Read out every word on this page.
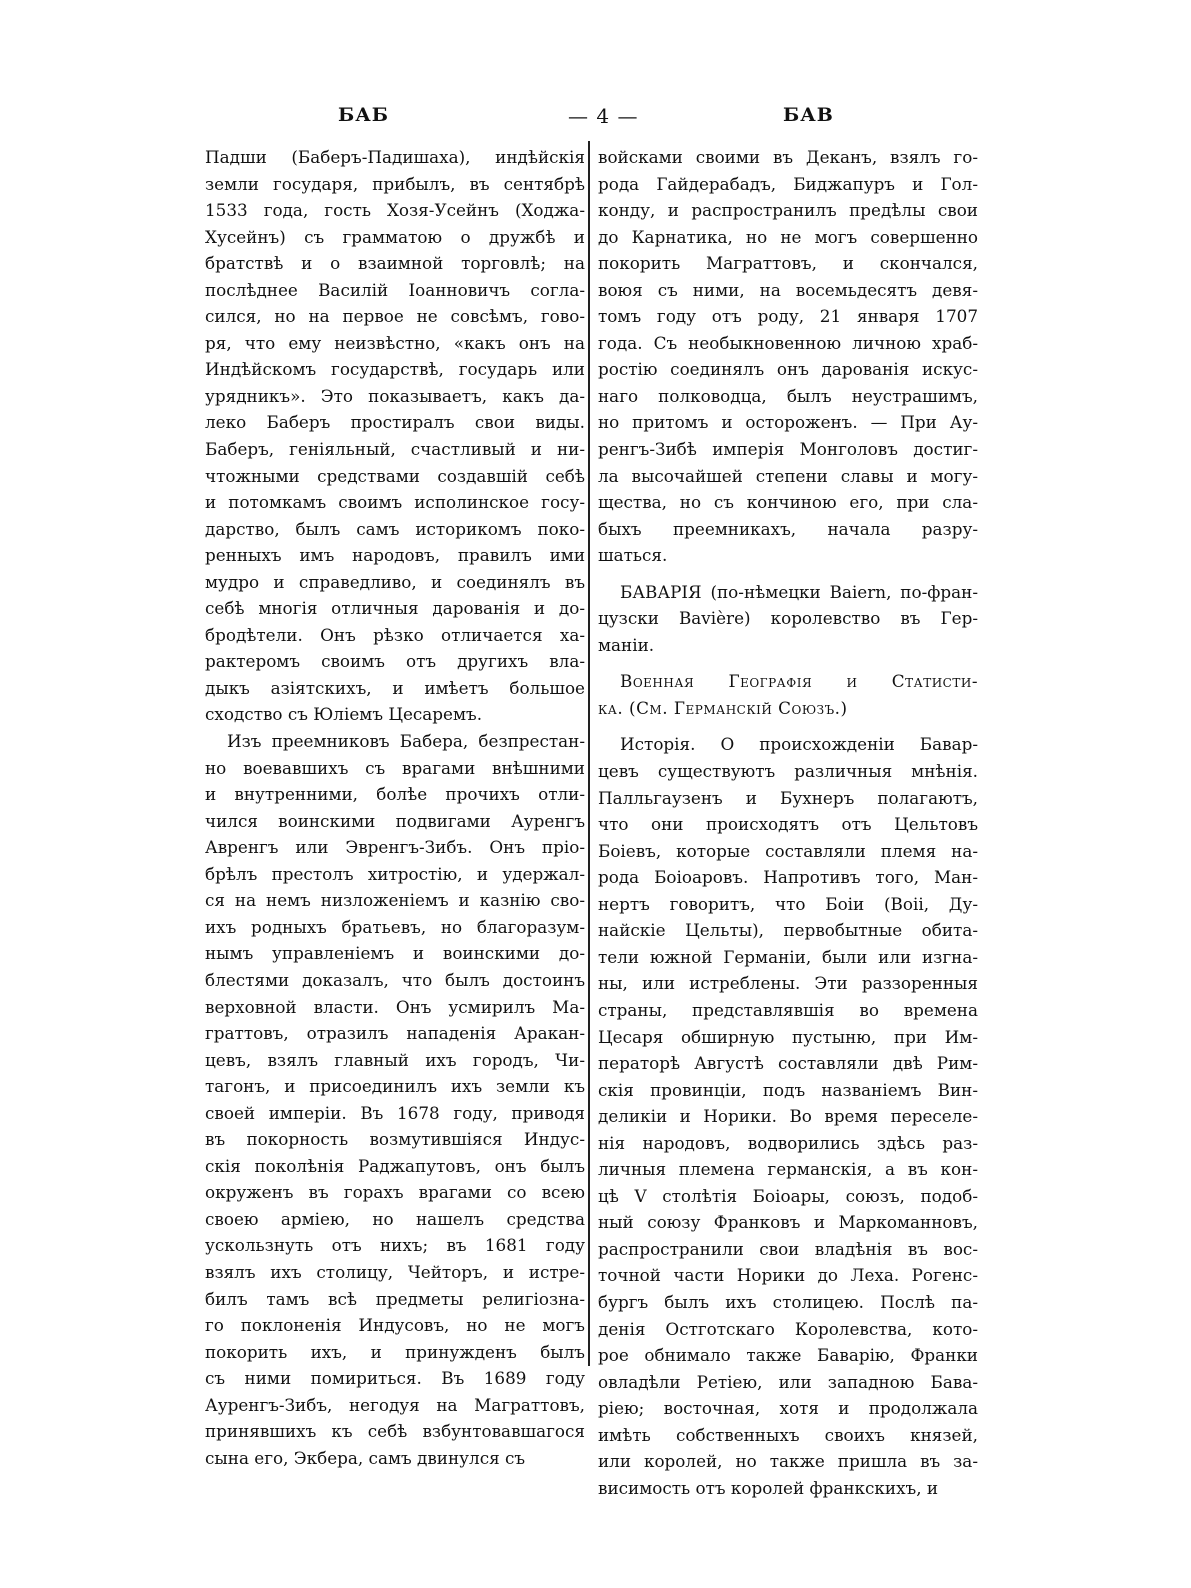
БАБ	— 4 —	БАВ
Падши (Баберъ-Падишаха), индѣйскія
земли государя, прибылъ, въ сентябрѣ
1533 года, гость Хозя-Усейнъ (Ходжа-
Хусейнъ) съ грамматою о дружбѣ и
братствѣ и о взаимной торговлѣ; на
послѣднее Василій Іоанновичъ согла-
сился, но на первое не совсѣмъ, гово-
ря, что ему неизвѣстно, «какъ онъ на
Индѣйскомъ государствѣ, государь или
урядникъ». Это показываетъ, какъ да-
леко Баберъ простиралъ свои виды.
Баберъ, геніяльный, счастливый и ни-
чтожными средствами создавшій себѣ
и потомкамъ своимъ исполинское госу-
дарство, былъ самъ историкомъ поко-
ренныхъ имъ народовъ, правилъ ими
мудро и справедливо, и соединялъ въ
себѣ многія отличныя дарованія и до-
бродѣтели. Онъ рѣзко отличается ха-
рактеромъ своимъ отъ другихъ вла-
дыкъ азіятскихъ, и имѣетъ большое
сходство съ Юліемъ Цесаремъ.
Изъ преемниковъ Бабера, безпрестан-
но воевавшихъ съ врагами внѣшними
и внутренними, болѣе прочихъ отли-
чился воинскими подвигами Ауренгъ
Авренгъ или Эвренгъ-Зибъ. Онъ пріо-
брѣлъ престолъ хитростію, и удержал-
ся на немъ низложеніемъ и казнію сво-
ихъ родныхъ братьевъ, но благоразум-
нымъ управленіемъ и воинскими до-
блестями доказалъ, что былъ достоинъ
верховной власти. Онъ усмирилъ Ма-
граттовъ, отразилъ нападенія Аракан-
цевъ, взялъ главный ихъ городъ, Чи-
тагонъ, и присоединилъ ихъ земли къ
своей имперіи. Въ 1678 году, приводя
въ покорность возмутившіяся Индус-
скія поколѣнія Раджапутовъ, онъ былъ
окруженъ въ горахъ врагами со всею
своею арміею, но нашелъ средства
ускользнуть отъ нихъ; въ 1681 году
взялъ ихъ столицу, Чейторъ, и истре-
билъ тамъ всѣ предметы религіозна-
го поклоненія Индусовъ, но не могъ
покорить ихъ, и принужденъ былъ
съ ними помириться. Въ 1689 году
Ауренгъ-Зибъ, негодуя на Маграттовъ,
принявшихъ къ себѣ взбунтовавшагося
сына его, Экбера, самъ двинулся съ
войсками своими въ Деканъ, взялъ го-
рода Гайдерабадъ, Биджапуръ и Гол-
конду, и распространилъ предѣлы свои
до Карнатика, но не могъ совершенно
покорить Маграттовъ, и скончался,
воюя съ ними, на восемьдесятъ девя-
томъ году отъ роду, 21 января 1707
года. Съ необыкновенною личною храб-
ростію соединялъ онъ дарованія искус-
наго полководца, былъ неустрашимъ,
но притомъ и остороженъ. — При Ау-
ренгъ-Зибѣ имперія Монголовъ достиг-
ла высочайшей степени славы и могу-
щества, но съ кончиною его, при сла-
быхъ преемникахъ, начала разру-
шаться.
БАВАРІЯ (по-нѣмецки Baiern, по-фран-
цузски Bavière) королевство въ Гер-
маніи.
Военная Географія и Статисти-
ка. (См. Германскій Союзъ.)
Исторія. О происхожденіи Бавар-
цевъ существуютъ различныя мнѣнія.
Палльгаузенъ и Бухнеръ полагаютъ,
что они происходятъ отъ Цельтовъ
Боіевъ, которые составляли племя на-
рода Боіоаровъ. Напротивъ того, Ман-
нертъ говоритъ, что Боіи (Boii, Ду-
найскіе Цельты), первобытные обита-
тели южной Германіи, были или изгна-
ны, или истреблены. Эти раззоренныя
страны, представлявшія во времена
Цесаря обширную пустыню, при Им-
ператорѣ Августѣ составляли двѣ Рим-
скія провинціи, подъ названіемъ Вин-
деликіи и Норики. Во время переселе-
нія народовъ, водворились здѣсь раз-
личныя племена германскія, а въ кон-
цѣ V столѣтія Боіоары, союзъ, подоб-
ный союзу Франковъ и Маркоманновъ,
распространили свои владѣнія въ вос-
точной части Норики до Леха. Рогенс-
бургъ былъ ихъ столицею. Послѣ па-
денія Остготскаго Королевства, кото-
рое обнимало также Баварію, Франки
овладѣли Ретіею, или западною Бава-
ріею; восточная, хотя и продолжала
имѣть собственныхъ своихъ князей,
или королей, но также пришла въ за-
висимость отъ королей франкскихъ, и
